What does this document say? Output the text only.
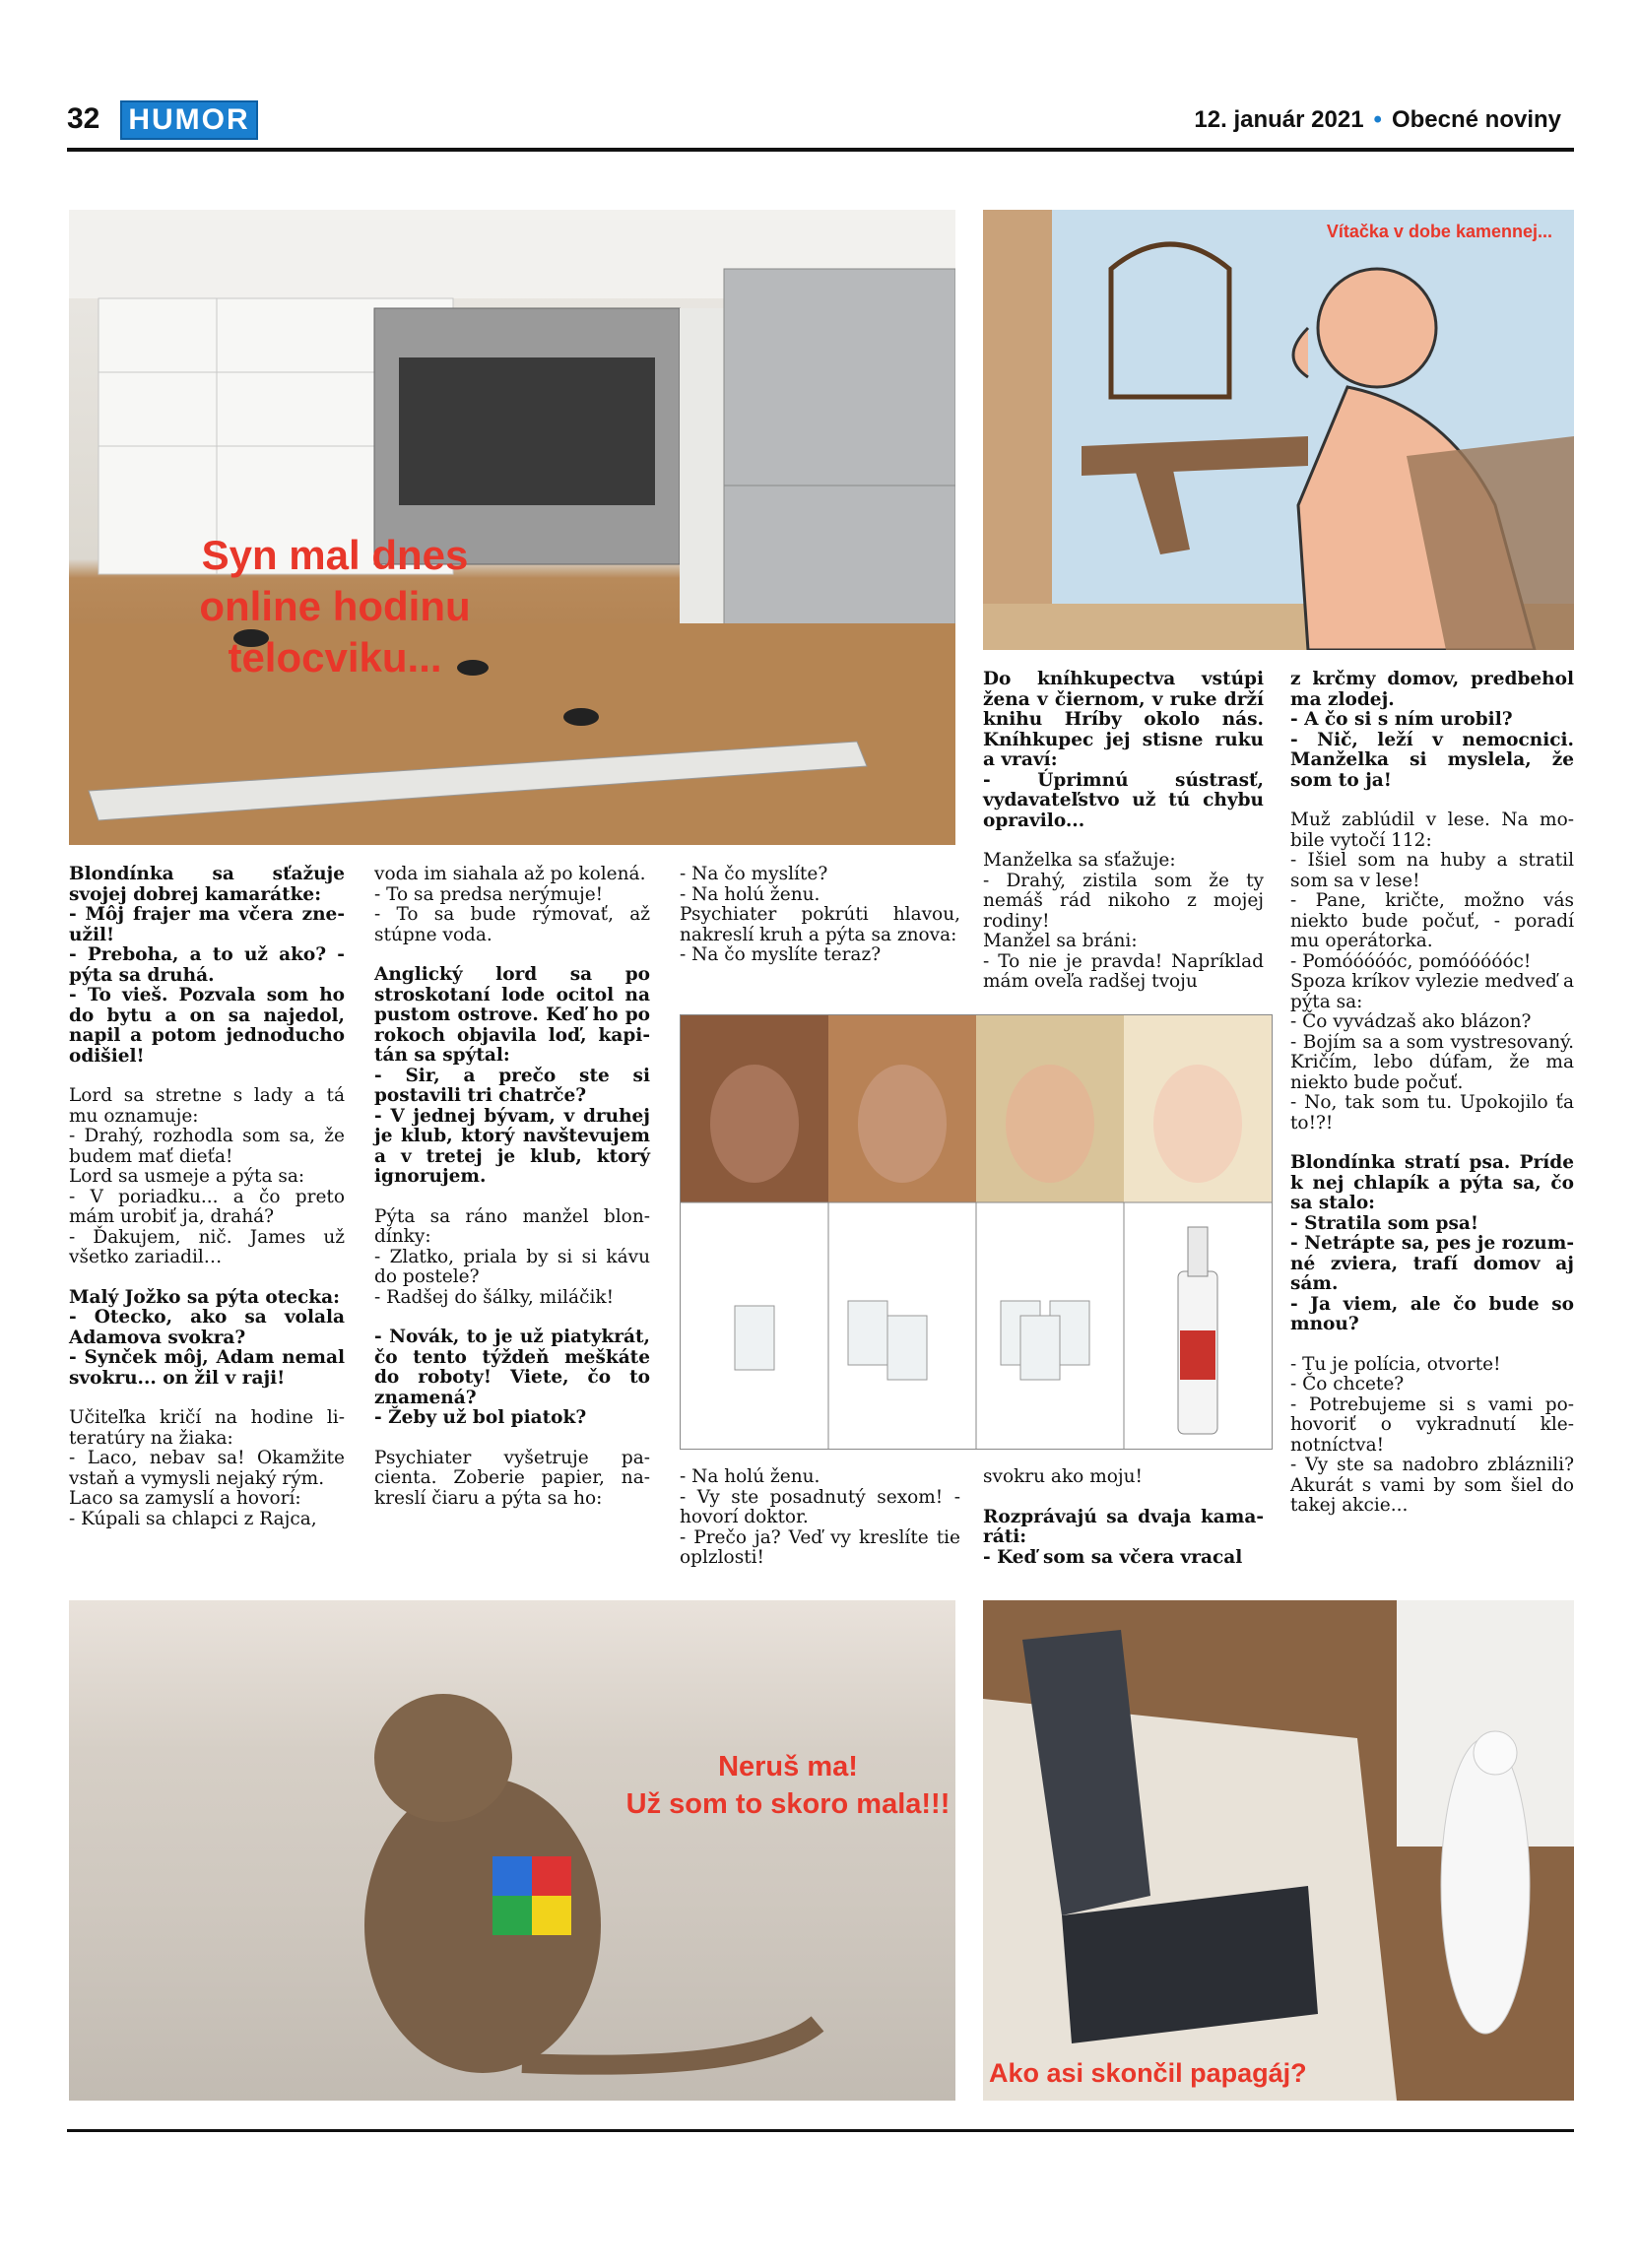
32 HUMOR	12. január 2021 • Obecné noviny
Syn mal dnes
online hodinu telocviku...
Vítačka v dobe kamennej...

Blondínka sa sťažuje svojej dobrej kamarátke:
- Môj frajer ma včera zneužil!
- Preboha, a to už ako? - pýta sa druhá.
- To vieš. Pozvala som ho do bytu a on sa najedol, napil a potom jednoducho odišiel!

Lord sa stretne s lady a tá mu oznamuje:
- Drahý, rozhodla som sa, že budem mať dieťa!
Lord sa usmeje a pýta sa:
- V poriadku... a čo preto mám urobiť ja, drahá?
- Ďakujem, nič. James už všetko zariadil…

Malý Jožko sa pýta otecka:
- Otecko, ako sa volala Adamova svokra?
- Synček môj, Adam nemal svokru... on žil v raji!

Učiteľka kričí na hodine literatúry na žiaka:
- Laco, nebav sa! Okamžite vstaň a vymysli nejaký rým.
Laco sa zamyslí a hovorí:
- Kúpali sa chlapci z Rajca,

voda im siahala až po kolená.
- To sa predsa nerýmuje!
- To sa bude rýmovať, až stúpne voda.

Anglický lord sa po stroskotaní lode ocitol na pustom ostrove. Keď ho po rokoch objavila loď, kapitán sa spýtal:
- Sir, a prečo ste si postavili tri chatrče?
- V jednej bývam, v druhej je klub, ktorý navštevujem a v tretej je klub, ktorý ignorujem.

Pýta sa ráno manžel blondínky:
- Zlatko, priala by si si kávu do postele?
- Radšej do šálky, miláčik!

- Novák, to je už piatykrát, čo tento týždeň meškáte do roboty! Viete, čo to znamená?
- Žeby už bol piatok?

Psychiater vyšetruje pacienta. Zoberie papier, nakreslí čiaru a pýta sa ho:

- Na čo myslíte?
- Na holú ženu.
Psychiater pokrúti hlavou, nakreslí kruh a pýta sa znova:
- Na čo myslíte teraz?

Do kníhkupectva vstúpi žena v čiernom, v ruke drží knihu Hríby okolo nás. Kníhkupec jej stisne ruku a vraví:
- Úprimnú sústrasť, vydavateľstvo už tú chybu opravilo...

Manželka sa sťažuje:
- Drahý, zistila som že ty nemáš rád nikoho z mojej rodiny!
Manžel sa bráni:
- To nie je pravda! Napríklad mám oveľa radšej tvoju

z krčmy domov, predbehol ma zlodej.
- A čo si s ním urobil?
- Nič, leží v nemocnici. Manželka si myslela, že som to ja!

Muž zablúdil v lese. Na mobile vytočí 112:
- Išiel som na huby a stratil som sa v lese!
- Pane, kričte, možno vás niekto bude počuť, - poradí mu operátorka.
- Pomóóóóóc, pomóóóóóc!
Spoza kríkov vylezie medveď a pýta sa:
- Čo vyvádzaš ako blázon?
- Bojím sa a som vystresovaný. Kričím, lebo dúfam, že ma niekto bude počuť.
- No, tak som tu. Upokojilo ťa to!?!

Blondínka stratí psa. Príde k nej chlapík a pýta sa, čo sa stalo:
- Stratila som psa!
- Netrápte sa, pes je rozumné zviera, trafí domov aj sám.
- Ja viem, ale čo bude so mnou?

- Tu je polícia, otvorte!
- Čo chcete?
- Potrebujeme si s vami pohovoriť o vykradnutí klenotníctva!
- Vy ste sa nadobro zbláznili? Akurát s vami by som šiel do takej akcie...

- Na holú ženu.
- Vy ste posadnutý sexom! - hovorí doktor.
- Prečo ja? Veď vy kreslíte tie oplzlosti!

svokru ako moju!

Rozprávajú sa dvaja kamaráti:
- Keď som sa včera vracal

Neruš ma!
Už som to skoro mala!!!
Ako asi skončil papagáj?
